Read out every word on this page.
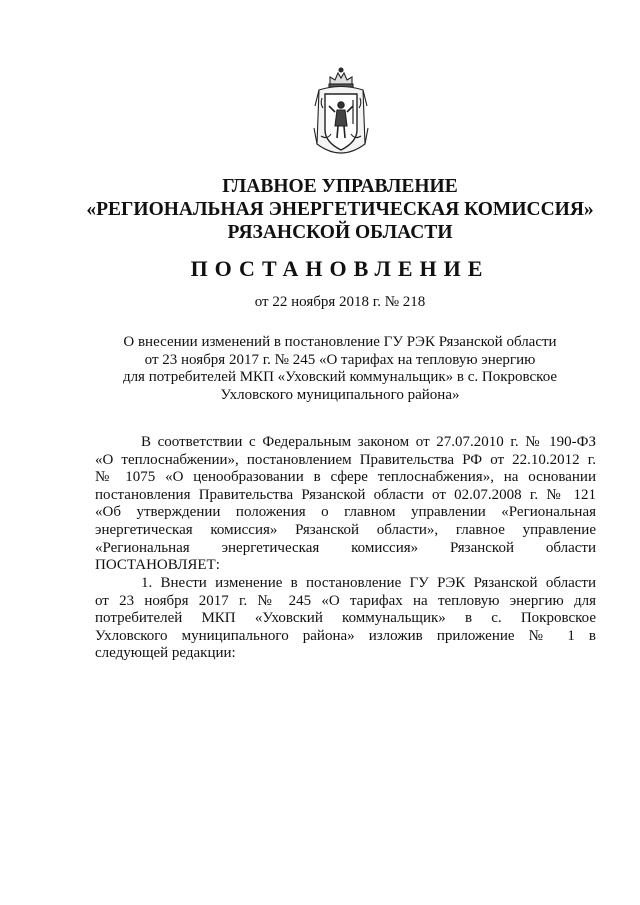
ГЛАВНОЕ УПРАВЛЕНИЕ
«РЕГИОНАЛЬНАЯ ЭНЕРГЕТИЧЕСКАЯ КОМИССИЯ»
РЯЗАНСКОЙ ОБЛАСТИ
ПОСТАНОВЛЕНИЕ
от 22 ноября 2018 г. № 218
О внесении изменений в постановление ГУ РЭК Рязанской области
от 23 ноября 2017 г. № 245 «О тарифах на тепловую энергию
для потребителей МКП «Уховский коммунальщик» в с. Покровское
Ухловского муниципального района»
В соответствии с Федеральным законом от 27.07.2010 г. № 190-ФЗ
«О теплоснабжении», постановлением Правительства РФ от 22.10.2012 г.
№ 1075 «О ценообразовании в сфере теплоснабжения», на основании
постановления Правительства Рязанской области от 02.07.2008 г. № 121
«Об утверждении положения о главном управлении «Региональная
энергетическая комиссия» Рязанской области», главное управление
«Региональная энергетическая комиссия» Рязанской области
ПОСТАНОВЛЯЕТ:
1. Внести изменение в постановление ГУ РЭК Рязанской области
от 23 ноября 2017 г. № 245 «О тарифах на тепловую энергию для
потребителей МКП «Уховский коммунальщик» в с. Покровское
Ухловского муниципального района» изложив приложение № 1 в
следующей редакции:
